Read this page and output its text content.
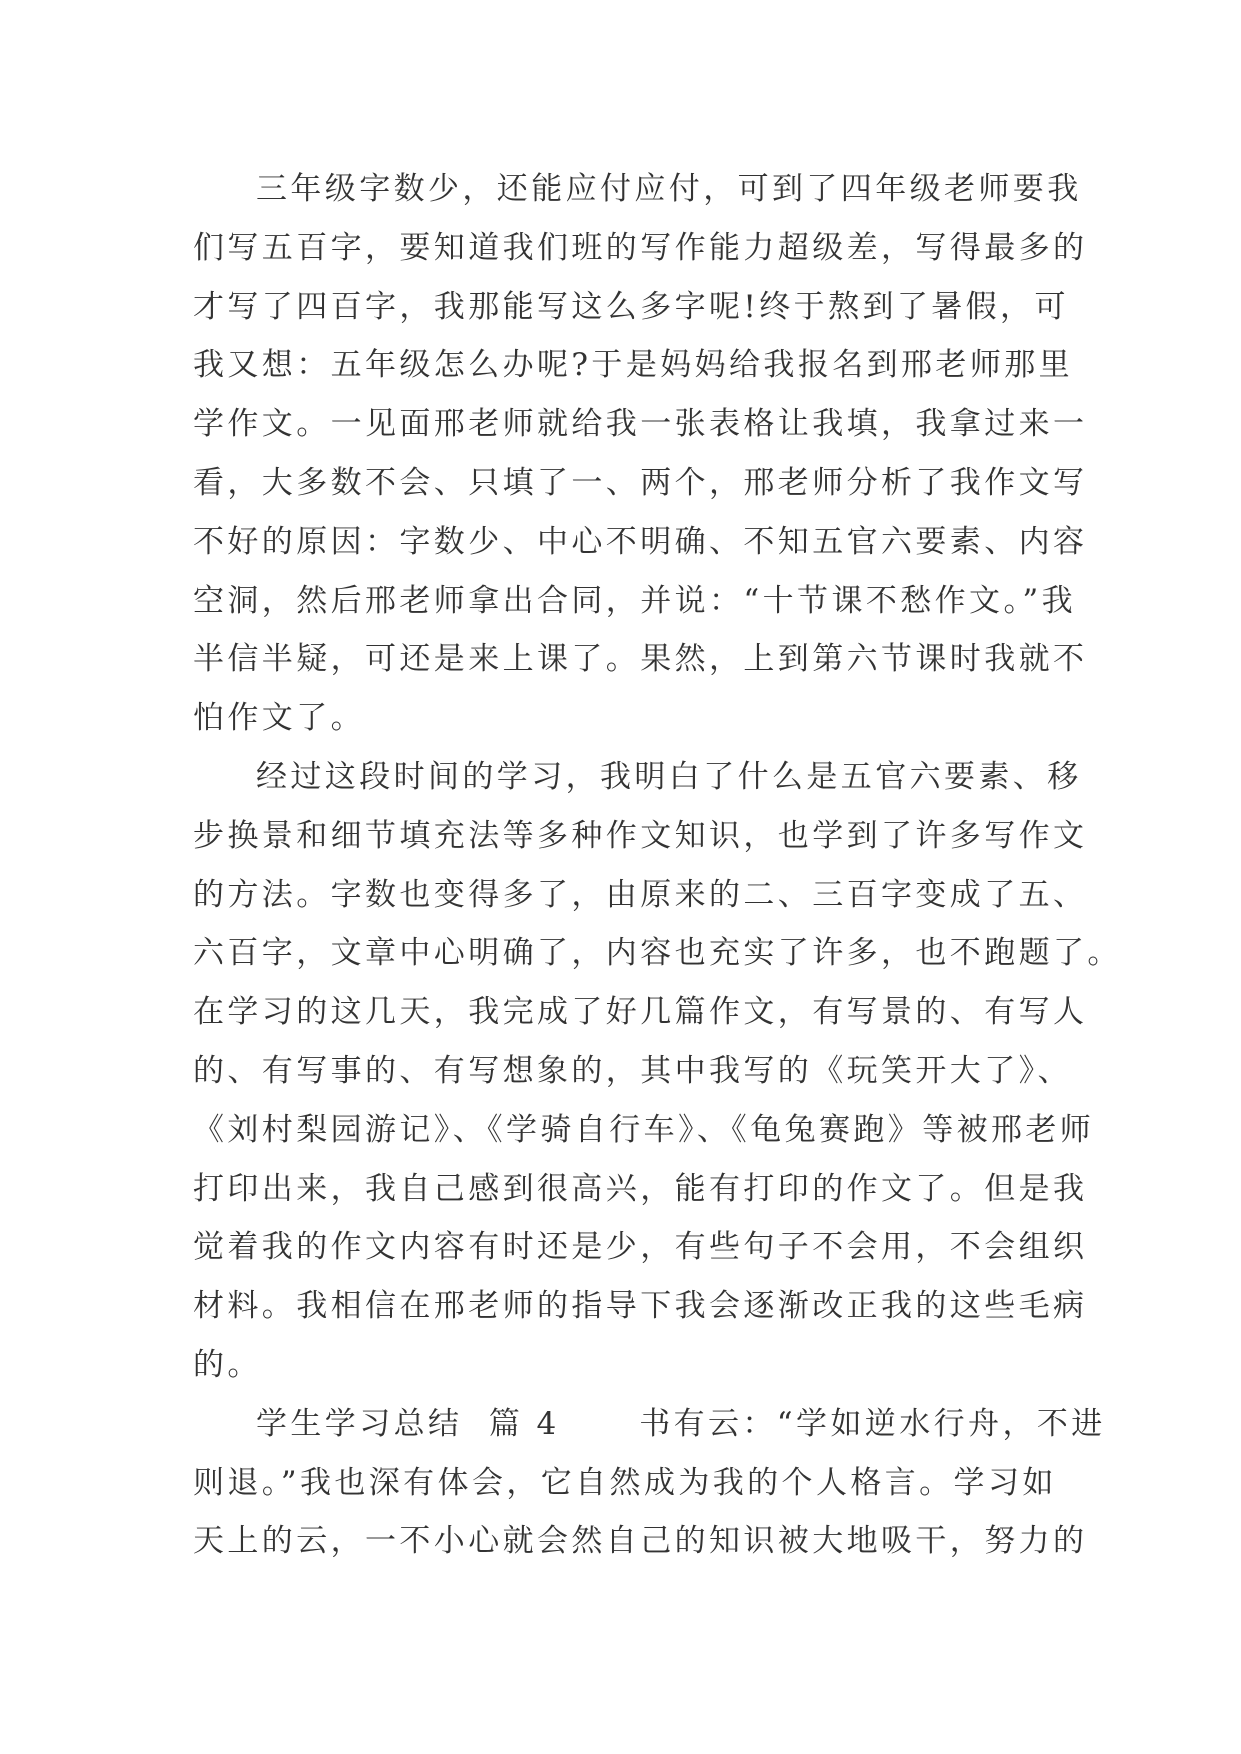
三年级字数少，还能应付应付，可到了四年级老师要我
们写五百字，要知道我们班的写作能力超级差，写得最多的
才写了四百字，我那能写这么多字呢!终于熬到了暑假，可
我又想：五年级怎么办呢?于是妈妈给我报名到邢老师那里
学作文。一见面邢老师就给我一张表格让我填，我拿过来一
看，大多数不会、只填了一、两个，邢老师分析了我作文写
不好的原因：字数少、中心不明确、不知五官六要素、内容
空洞，然后邢老师拿出合同，并说：“十节课不愁作文。”我
半信半疑，可还是来上课了。果然，上到第六节课时我就不
怕作文了。
经过这段时间的学习，我明白了什么是五官六要素、移
步换景和细节填充法等多种作文知识，也学到了许多写作文
的方法。字数也变得多了，由原来的二、三百字变成了五、
六百字，文章中心明确了，内容也充实了许多，也不跑题了。
在学习的这几天，我完成了好几篇作文，有写景的、有写人
的、有写事的、有写想象的，其中我写的《玩笑开大了》、
《刘村梨园游记》、《学骑自行车》、《龟兔赛跑》等被邢老师
打印出来，我自己感到很高兴，能有打印的作文了。但是我
觉着我的作文内容有时还是少，有些句子不会用，不会组织
材料。我相信在邢老师的指导下我会逐渐改正我的这些毛病
的。
学生学习总结  篇 4      书有云：“学如逆水行舟，不进
则退。”我也深有体会，它自然成为我的个人格言。学习如
天上的云，一不小心就会然自己的知识被大地吸干，努力的
